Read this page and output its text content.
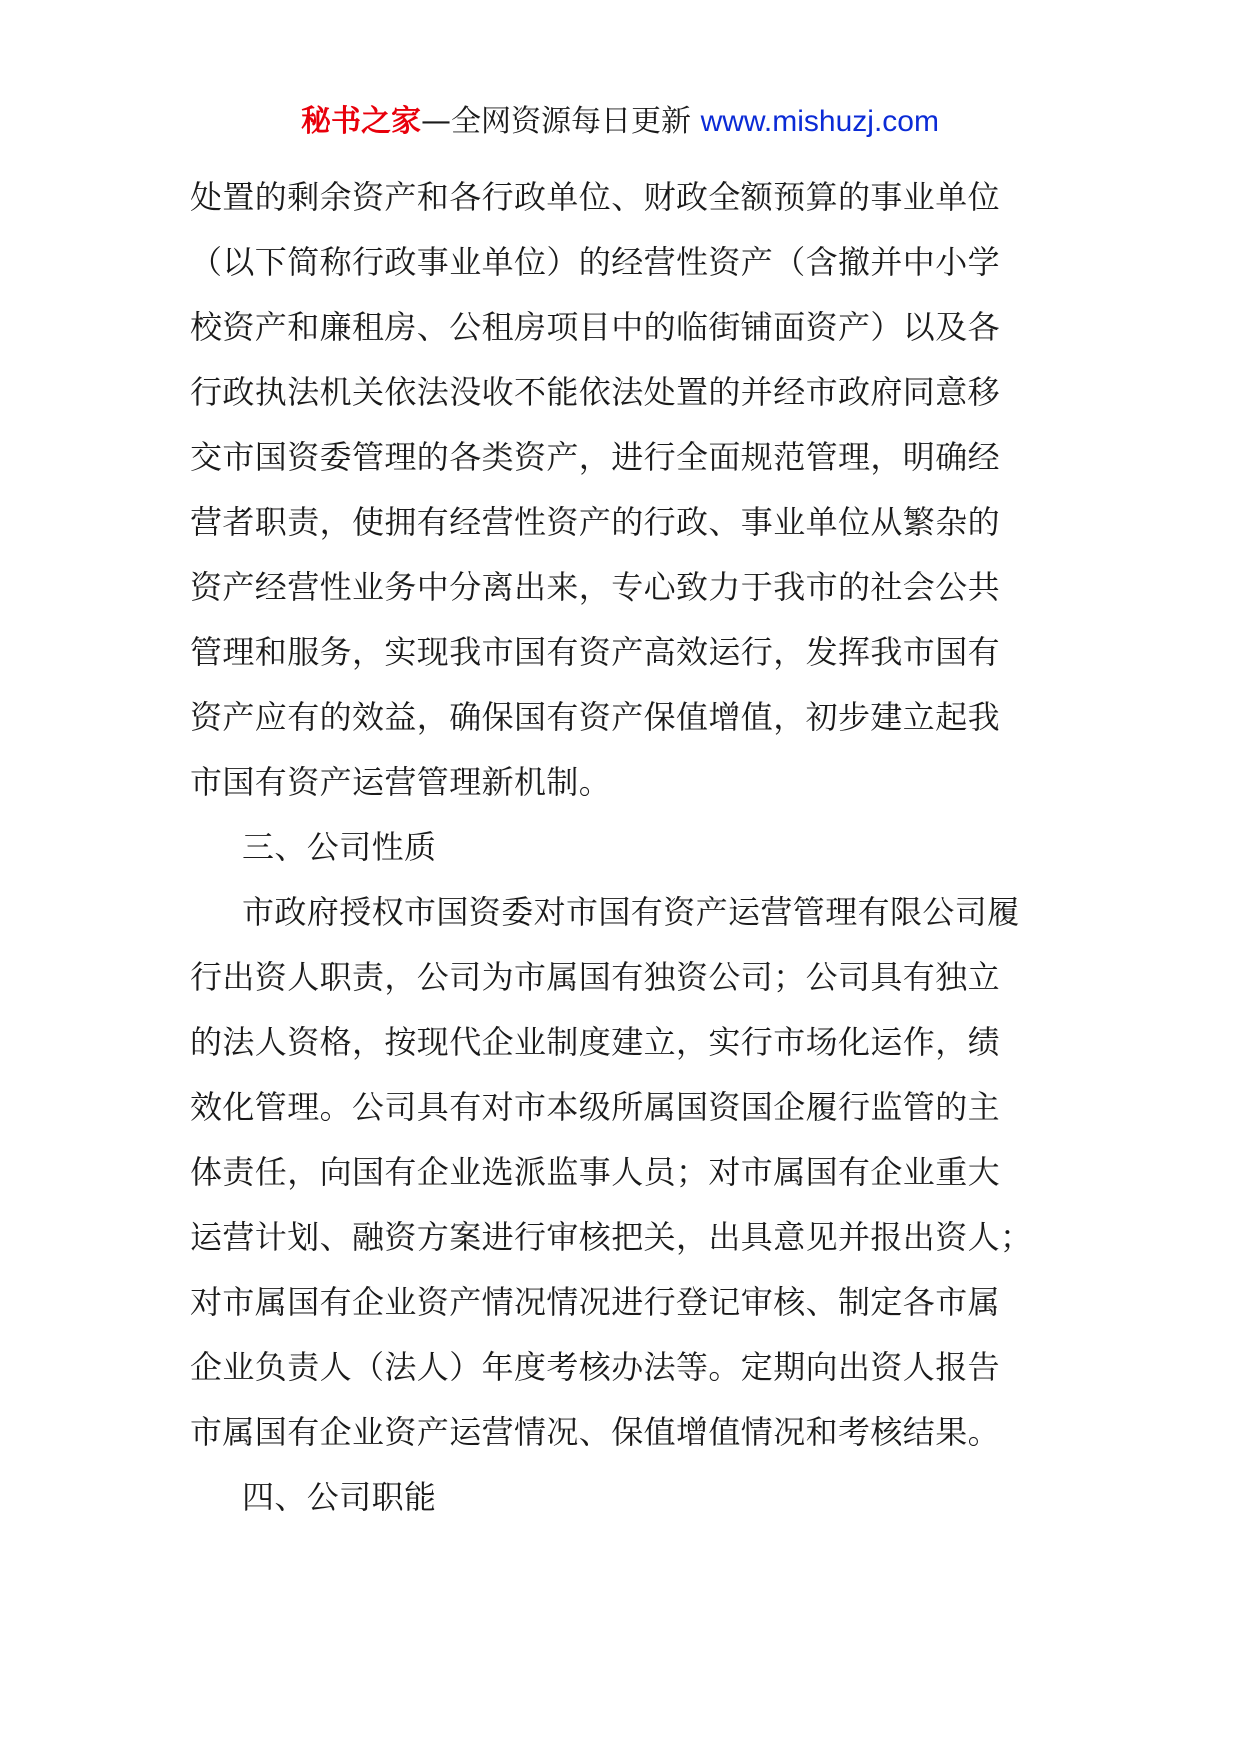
秘书之家—全网资源每日更新 www.mishuzj.com

处置的剩余资产和各行政单位、财政全额预算的事业单位
（以下简称行政事业单位）的经营性资产（含撤并中小学
校资产和廉租房、公租房项目中的临街铺面资产）以及各
行政执法机关依法没收不能依法处置的并经市政府同意移
交市国资委管理的各类资产，进行全面规范管理，明确经
营者职责，使拥有经营性资产的行政、事业单位从繁杂的
资产经营性业务中分离出来，专心致力于我市的社会公共
管理和服务，实现我市国有资产高效运行，发挥我市国有
资产应有的效益，确保国有资产保值增值，初步建立起我
市国有资产运营管理新机制。

三、公司性质

市政府授权市国资委对市国有资产运营管理有限公司履
行出资人职责，公司为市属国有独资公司；公司具有独立
的法人资格，按现代企业制度建立，实行市场化运作，绩
效化管理。公司具有对市本级所属国资国企履行监管的主
体责任，向国有企业选派监事人员；对市属国有企业重大
运营计划、融资方案进行审核把关，出具意见并报出资人；
对市属国有企业资产情况情况进行登记审核、制定各市属
企业负责人（法人）年度考核办法等。定期向出资人报告
市属国有企业资产运营情况、保值增值情况和考核结果。

四、公司职能
